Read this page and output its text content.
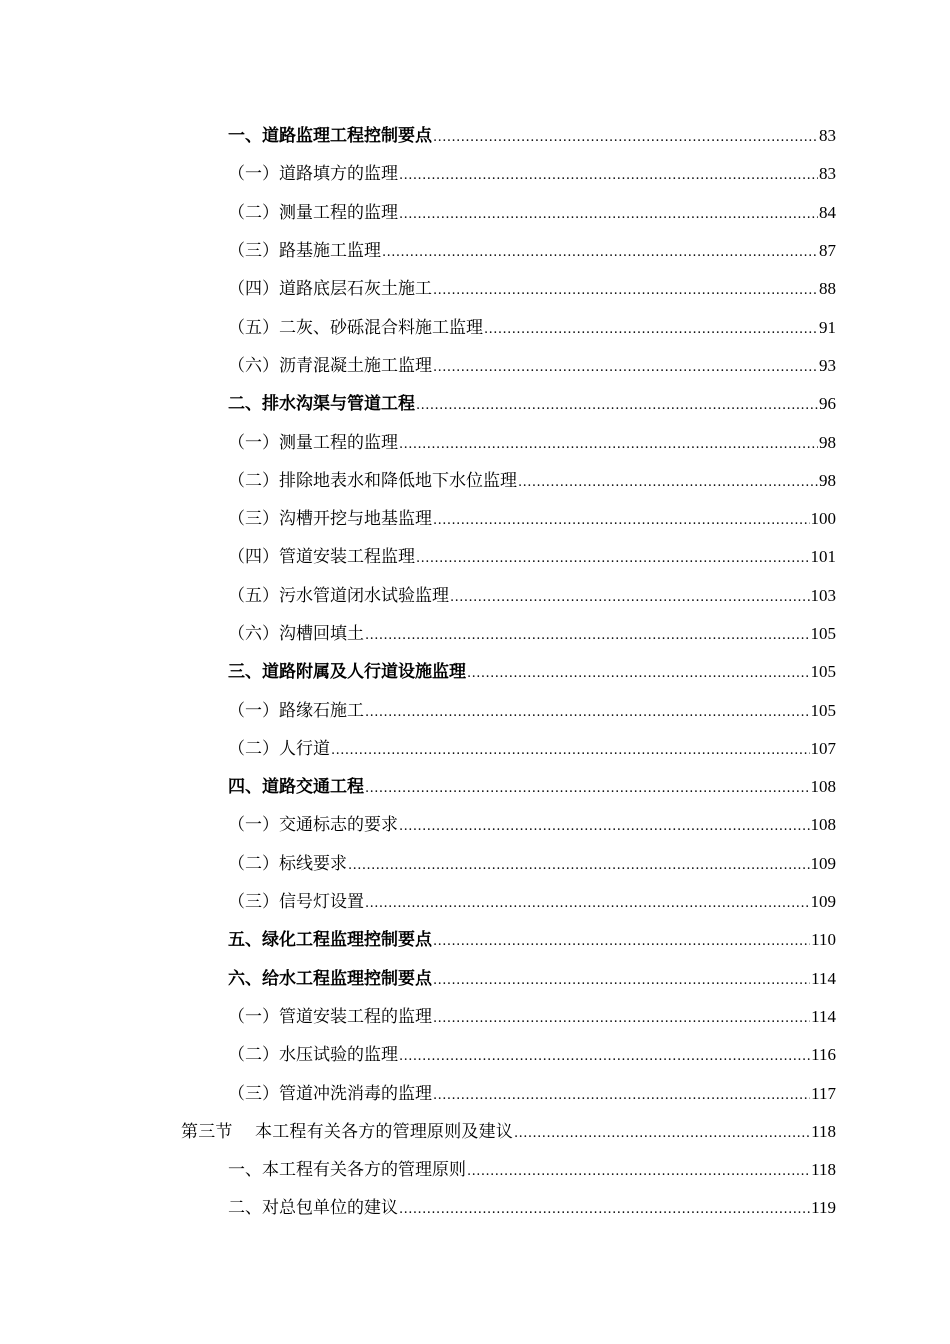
一、道路监理工程控制要点 .....	83
（一）道路填方的监理 .....	83
（二）测量工程的监理 .....	84
（三）路基施工监理 .....	87
（四）道路底层石灰土施工 .....	88
（五）二灰、砂砾混合料施工监理 .....	91
（六）沥青混凝土施工监理 .....	93
二、排水沟渠与管道工程 .....	96
（一）测量工程的监理 .....	98
（二）排除地表水和降低地下水位监理 .....	98
（三）沟槽开挖与地基监理 .....	100
（四）管道安装工程监理 .....	101
（五）污水管道闭水试验监理 .....	103
（六）沟槽回填土 .....	105
三、道路附属及人行道设施监理 .....	105
（一）路缘石施工 .....	105
（二）人行道 .....	107
四、道路交通工程 .....	108
（一）交通标志的要求 .....	108
（二）标线要求 .....	109
（三）信号灯设置 .....	109
五、绿化工程监理控制要点 .....	110
六、给水工程监理控制要点 .....	114
（一）管道安装工程的监理 .....	114
（二）水压试验的监理 .....	116
（三）管道冲洗消毒的监理 .....	117
第三节    本工程有关各方的管理原则及建议 .....	118
一、本工程有关各方的管理原则 .....	118
二、对总包单位的建议 .....	119
